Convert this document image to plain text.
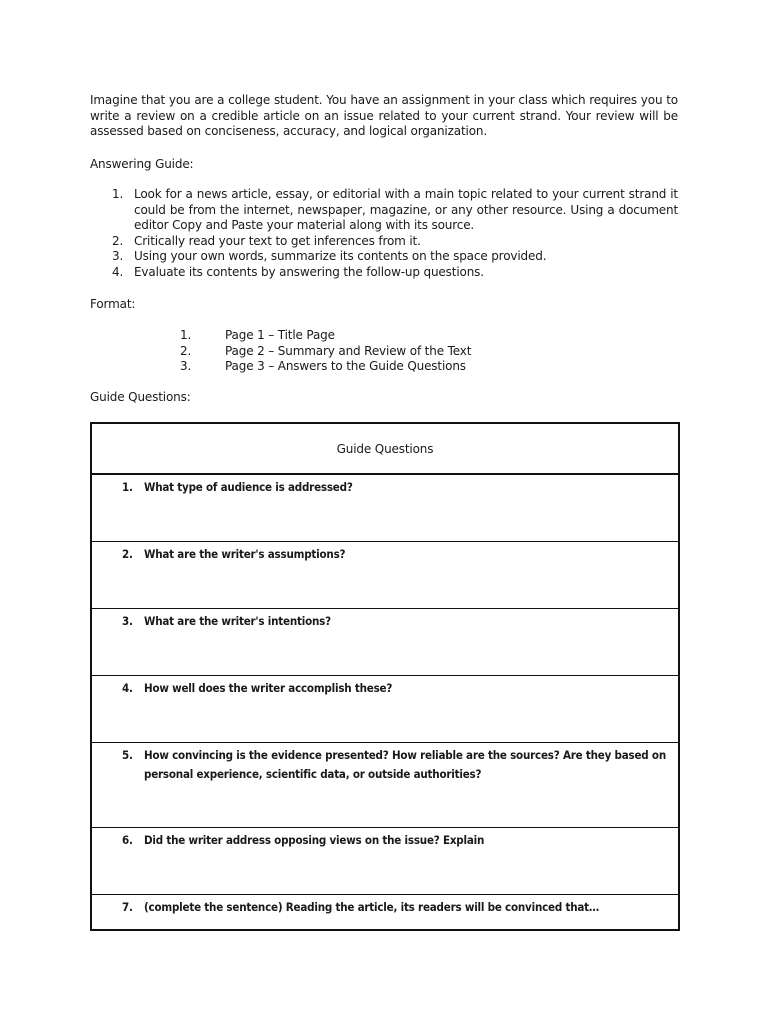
Imagine that you are a college student. You have an assignment in your class which requires you to write a review on a credible article on an issue related to your current strand. Your review will be assessed based on conciseness, accuracy, and logical organization.

Answering Guide:
1. Look for a news article, essay, or editorial with a main topic related to your current strand it could be from the internet, newspaper, magazine, or any other resource. Using a document editor Copy and Paste your material along with its source.
2. Critically read your text to get inferences from it.
3. Using your own words, summarize its contents on the space provided.
4. Evaluate its contents by answering the follow-up questions.
Format:
1.	Page 1 – Title Page
2.	Page 2 – Summary and Review of the Text
3.	Page 3 – Answers to the Guide Questions
Guide Questions:
Guide Questions

1. What type of audience is addressed?

2. What are the writer's assumptions?

3. What are the writer's intentions?

4. How well does the writer accomplish these?

5. How convincing is the evidence presented? How reliable are the sources? Are they based on personal experience, scientific data, or outside authorities?

6. Did the writer address opposing views on the issue? Explain

7. (complete the sentence) Reading the article, its readers will be convinced that…
